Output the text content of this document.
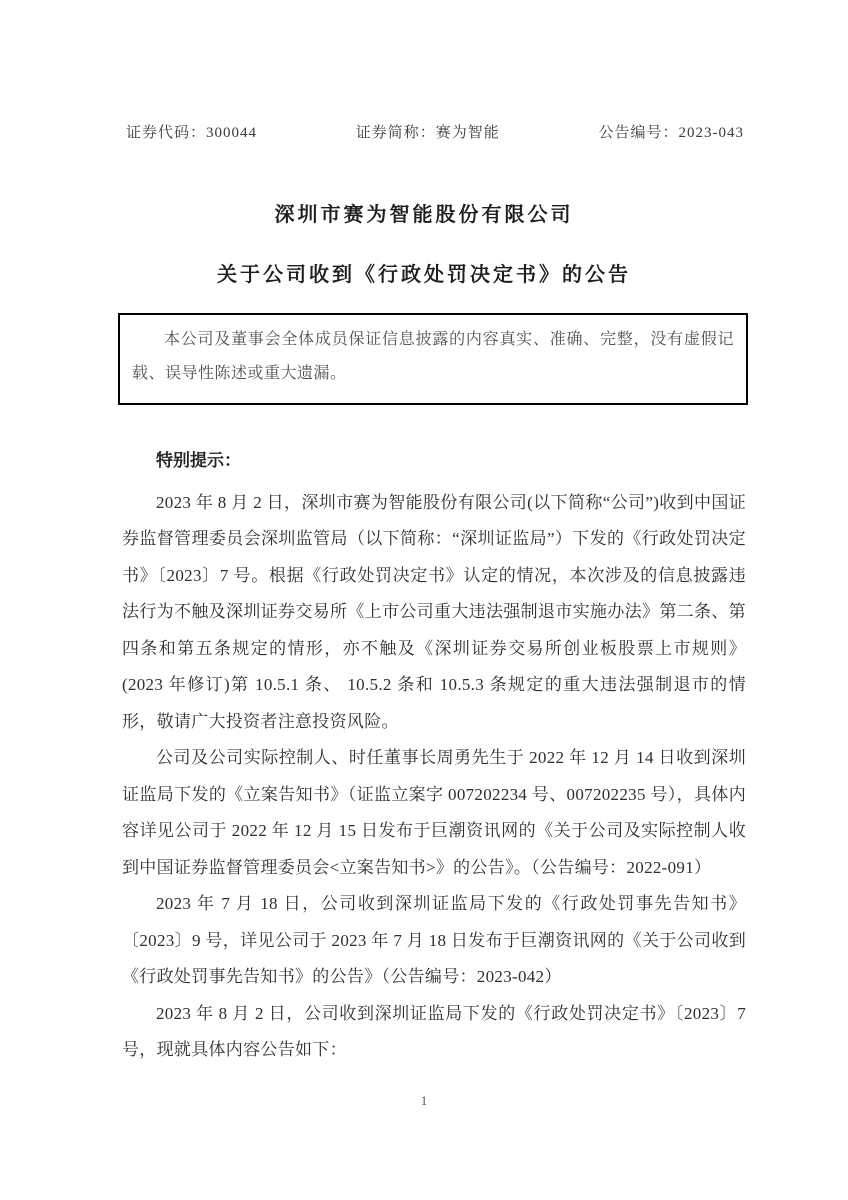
证券代码：300044	证券简称：赛为智能	公告编号：2023-043
深圳市赛为智能股份有限公司
关于公司收到《行政处罚决定书》的公告
本公司及董事会全体成员保证信息披露的内容真实、准确、完整，没有虚假记载、误导性陈述或重大遗漏。

特别提示：

2023 年 8 月 2 日，深圳市赛为智能股份有限公司(以下简称“公司”)收到中国证券监督管理委员会深圳监管局（以下简称：“深圳证监局”）下发的《行政处罚决定书》〔2023〕7 号。根据《行政处罚决定书》认定的情况，本次涉及的信息披露违法行为不触及深圳证券交易所《上市公司重大违法强制退市实施办法》第二条、第四条和第五条规定的情形，亦不触及《深圳证券交易所创业板股票上市规则》(2023 年修订)第 10.5.1 条、 10.5.2 条和 10.5.3 条规定的重大违法强制退市的情形，敬请广大投资者注意投资风险。

公司及公司实际控制人、时任董事长周勇先生于 2022 年 12 月 14 日收到深圳证监局下发的《立案告知书》（证监立案字 007202234 号、007202235 号），具体内容详见公司于 2022 年 12 月 15 日发布于巨潮资讯网的《关于公司及实际控制人收到中国证券监督管理委员会<立案告知书>》的公告》。（公告编号：2022-091）

2023 年 7 月 18 日，公司收到深圳证监局下发的《行政处罚事先告知书》〔2023〕9 号，详见公司于 2023 年 7 月 18 日发布于巨潮资讯网的《关于公司收到《行政处罚事先告知书》的公告》（公告编号：2023-042）

2023 年 8 月 2 日，公司收到深圳证监局下发的《行政处罚决定书》〔2023〕7 号，现就具体内容公告如下：

1
